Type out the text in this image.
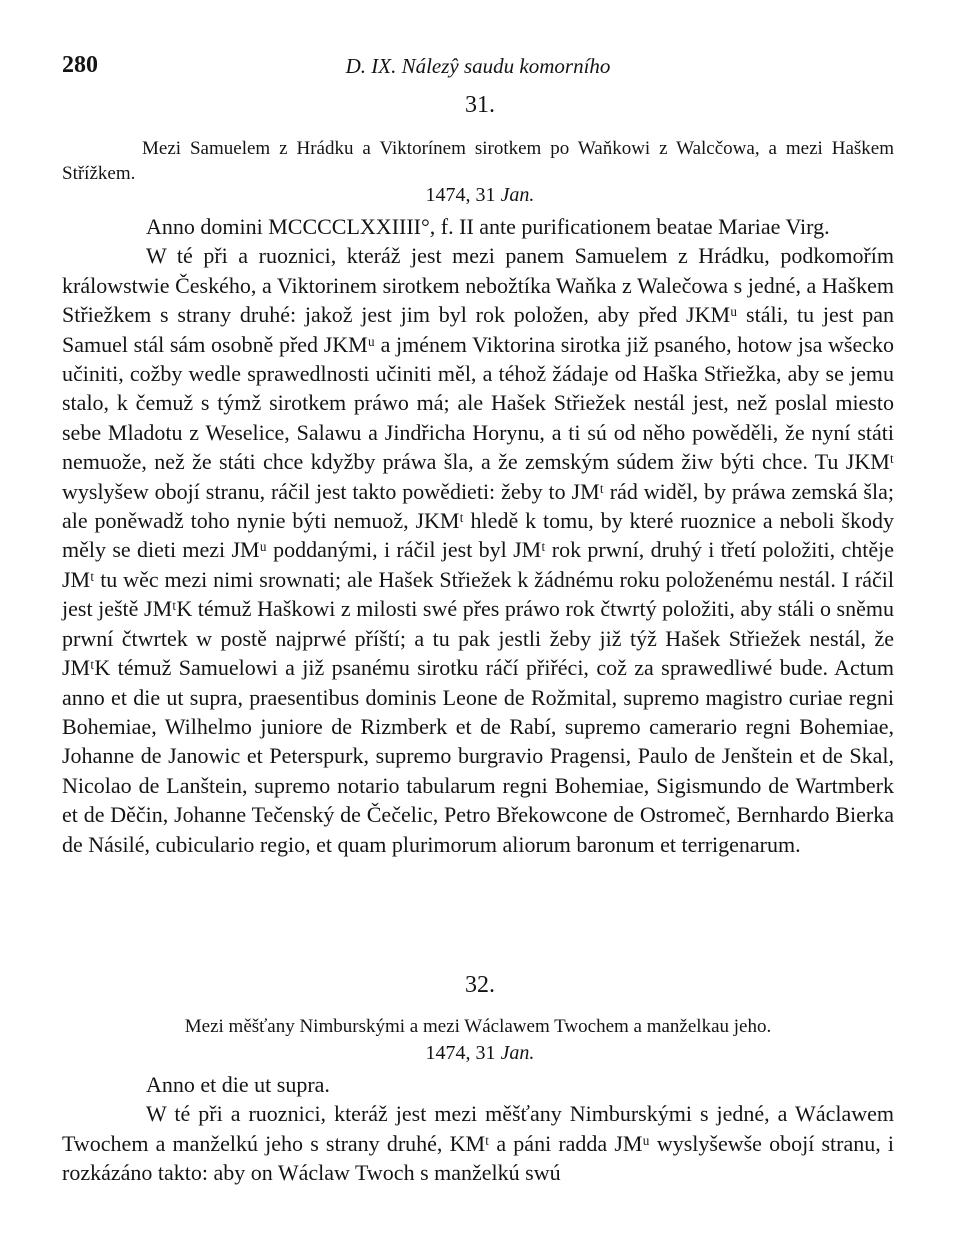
280	D. IX. Nálezŷ saudu komorního
31.
Mezi Samuelem z Hrádku a Viktorínem sirotkem po Waňkowi z Walcčowa, a mezi Haškem Střížkem.
1474, 31 Jan.

Anno domini MCCCCLXXIIII°, f. II ante purificationem beatae Mariae Virg.

W té při a ruoznici, kteráž jest mezi panem Samuelem z Hrádku, podkomořím králowstwie Českého, a Viktorinem sirotkem nebožtíka Waňka z Walečowa s jedné, a Haškem Střiežkem s strany druhé: jakož jest jim byl rok položen, aby před JKMᵘ stáli, tu jest pan Samuel stál sám osobně před JKMᵘ a jménem Viktorina sirotka již psaného, hotow jsa wšecko učiniti, cožby wedle sprawedlnosti učiniti měl, a téhož žádaje od Haška Střiežka, aby se jemu stalo, k čemuž s týmž sirotkem práwo má; ale Hašek Střiežek nestál jest, než poslal miesto sebe Mladotu z Weselice, Salawu a Jindřicha Horynu, a ti sú od něho powěděli, že nyní státi nemuože, než že státi chce kdyžby práwa šla, a že zemským súdem žiw býti chce. Tu JKMᵗ wyslyšew obojí stranu, ráčil jest takto powědieti: žeby to JMᵗ rád widěl, by práwa zemská šla; ale poněwadž toho nynie býti nemuož, JKMᵗ hledě k tomu, by které ruoznice a neboli škody měly se dieti mezi JMᵘ poddanými, i ráčil jest byl JMᵗ rok prwní, druhý i třetí položiti, chtěje JMᵗ tu wěc mezi nimi srownati; ale Hašek Střiežek k žádnému roku položenému nestál. I ráčil jest ještě JMᵗK témuž Haškowi z milosti swé přes práwo rok čtwrtý položiti, aby stáli o sněmu prwní čtwrtek w postě najprwé příští; a tu pak jestli žeby již týž Hašek Střiežek nestál, že JMᵗK témuž Samuelowi a již psanému sirotku ráčí přiřéci, což za sprawedliwé bude. Actum anno et die ut supra, praesentibus dominis Leone de Rožmital, supremo magistro curiae regni Bohemiae, Wilhelmo juniore de Rizmberk et de Rabí, supremo camerario regni Bohemiae, Johanne de Janowic et Peterspurk, supremo burgravio Pragensi, Paulo de Jenštein et de Skal, Nicolao de Lanštein, supremo notario tabularum regni Bohemiae, Sigismundo de Wartmberk et de Děčin, Johanne Tečenský de Čečelic, Petro Břekowcone de Ostromeč, Bernhardo Bierka de Násilé, cubiculario regio, et quam plurimorum aliorum baronum et terrigenarum.

32.
Mezi měšťany Nimburskými a mezi Wáclawem Twochem a manželkau jeho.
1474, 31 Jan.

Anno et die ut supra.

W té při a ruoznici, kteráž jest mezi měšťany Nimburskými s jedné, a Wáclawem Twochem a manželkú jeho s strany druhé, KMᵗ a páni radda JMᵘ wyslyšewše obojí stranu, i rozkázáno takto: aby on Wáclaw Twoch s manželkú swú
